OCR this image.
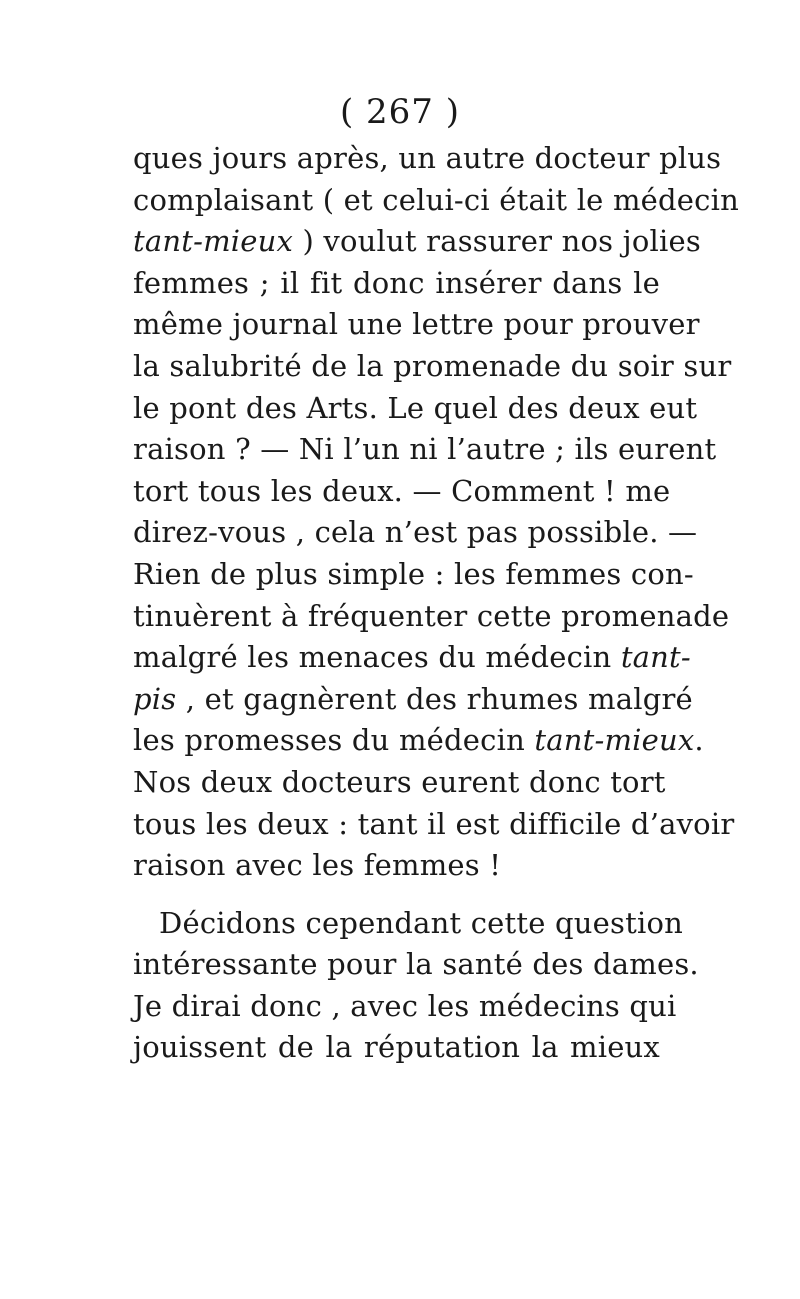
( 267 )
ques jours après, un autre docteur plus
complaisant ( et celui-ci était le médecin
tant-mieux ) voulut rassurer nos jolies
femmes ; il fit donc insérer dans le
même journal une lettre pour prouver
la salubrité de la promenade du soir sur
le pont des Arts. Le quel des deux eut
raison ? — Ni l’un ni l’autre ; ils eurent
tort tous les deux. — Comment ! me
direz-vous , cela n’est pas possible. —
Rien de plus simple : les femmes con-
tinuèrent à fréquenter cette promenade
malgré les menaces du médecin tant-
pis , et gagnèrent des rhumes malgré
les promesses du médecin tant-mieux.
Nos deux docteurs eurent donc tort
tous les deux : tant il est difficile d’avoir
raison avec les femmes !
Décidons cependant cette question
intéressante pour la santé des dames.
Je dirai donc , avec les médecins qui
jouissent de la réputation la mieux
